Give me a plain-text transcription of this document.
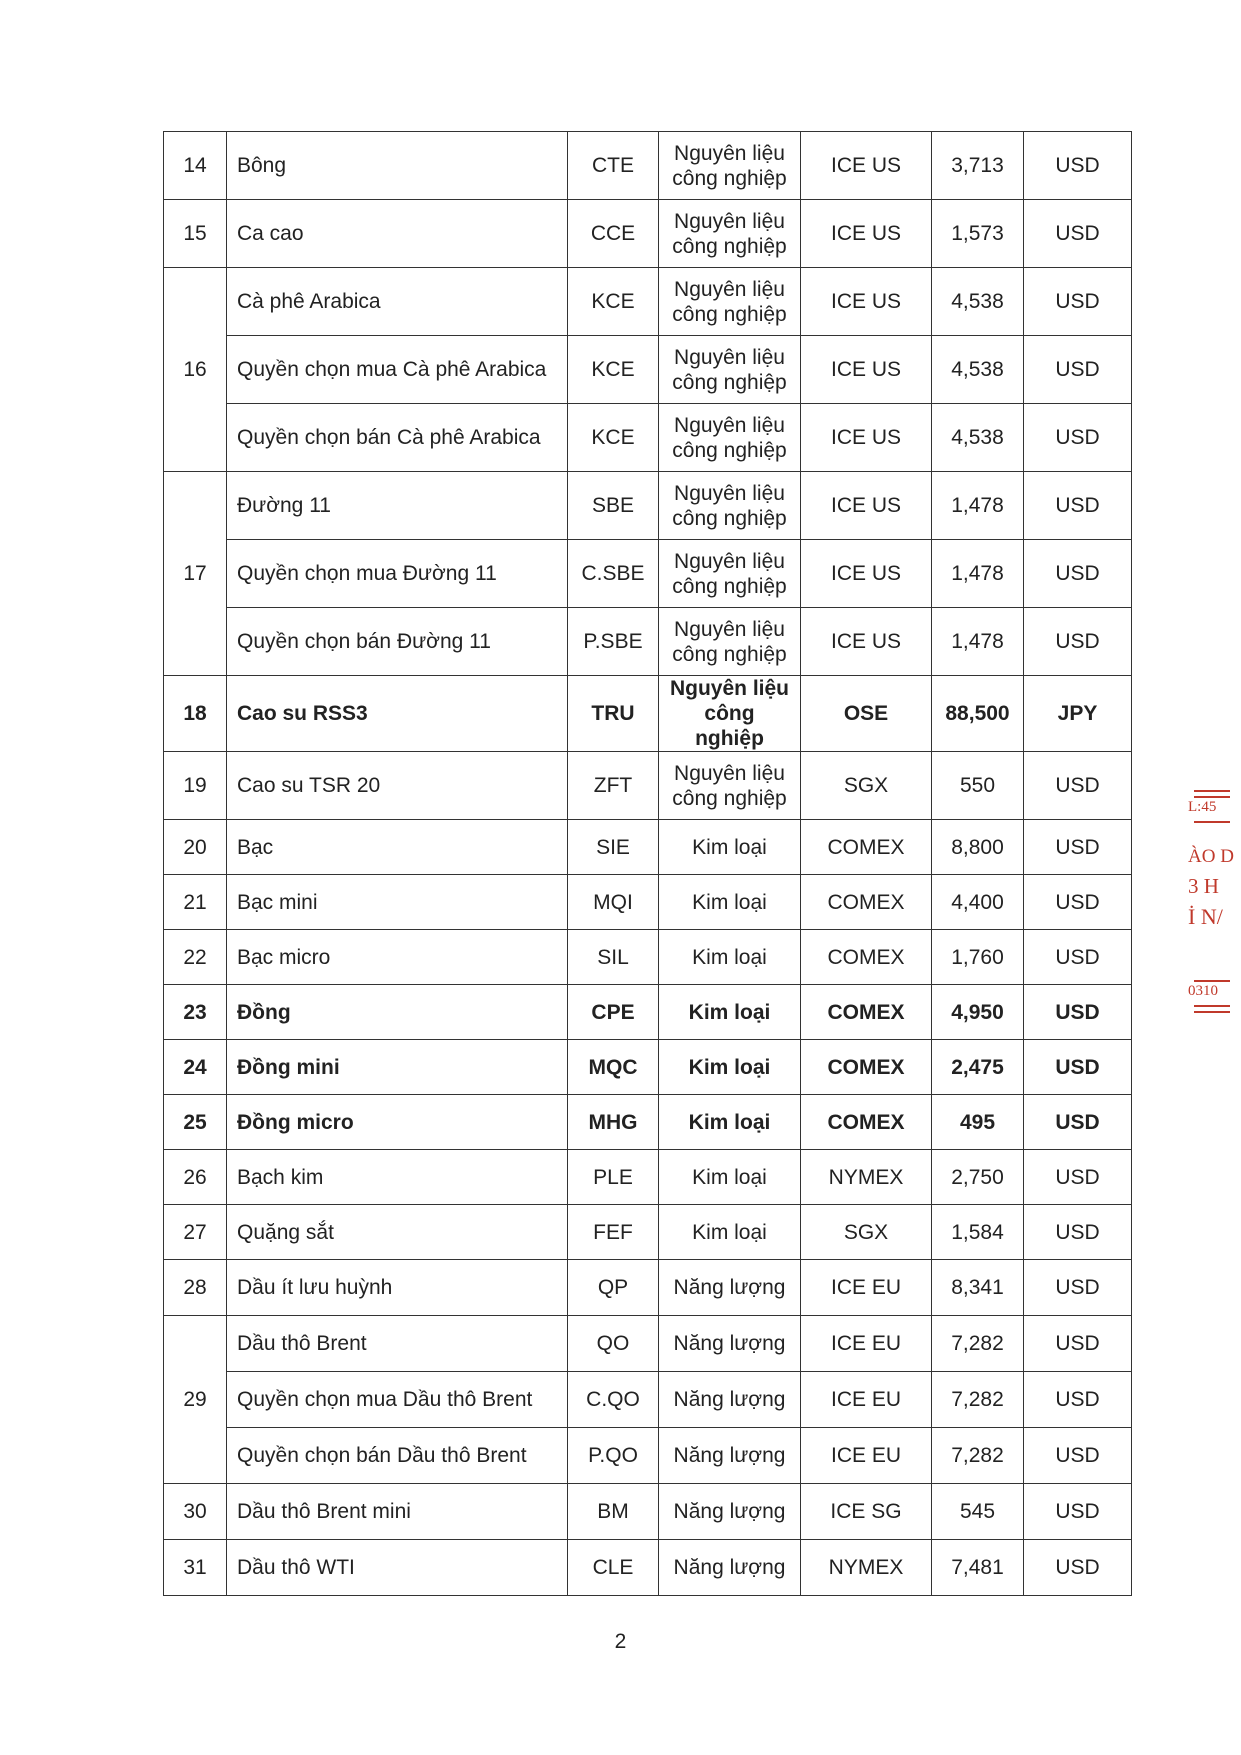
14	Bông	CTE	Nguyên liệu công nghiệp	ICE US	3,713	USD
15	Ca cao	CCE	Nguyên liệu công nghiệp	ICE US	1,573	USD
16	Cà phê Arabica	KCE	Nguyên liệu công nghiệp	ICE US	4,538	USD
	Quyền chọn mua Cà phê Arabica	KCE	Nguyên liệu công nghiệp	ICE US	4,538	USD
	Quyền chọn bán Cà phê Arabica	KCE	Nguyên liệu công nghiệp	ICE US	4,538	USD
17	Đường 11	SBE	Nguyên liệu công nghiệp	ICE US	1,478	USD
	Quyền chọn mua Đường 11	C.SBE	Nguyên liệu công nghiệp	ICE US	1,478	USD
	Quyền chọn bán Đường 11	P.SBE	Nguyên liệu công nghiệp	ICE US	1,478	USD
18	Cao su RSS3	TRU	Nguyên liệu công nghiệp	OSE	88,500	JPY
19	Cao su TSR 20	ZFT	Nguyên liệu công nghiệp	SGX	550	USD
20	Bạc	SIE	Kim loại	COMEX	8,800	USD
21	Bạc mini	MQI	Kim loại	COMEX	4,400	USD
22	Bạc micro	SIL	Kim loại	COMEX	1,760	USD
23	Đồng	CPE	Kim loại	COMEX	4,950	USD
24	Đồng mini	MQC	Kim loại	COMEX	2,475	USD
25	Đồng micro	MHG	Kim loại	COMEX	495	USD
26	Bạch kim	PLE	Kim loại	NYMEX	2,750	USD
27	Quặng sắt	FEF	Kim loại	SGX	1,584	USD
28	Dầu ít lưu huỳnh	QP	Năng lượng	ICE EU	8,341	USD
29	Dầu thô Brent	QO	Năng lượng	ICE EU	7,282	USD
	Quyền chọn mua Dầu thô Brent	C.QO	Năng lượng	ICE EU	7,282	USD
	Quyền chọn bán Dầu thô Brent	P.QO	Năng lượng	ICE EU	7,282	USD
30	Dầu thô Brent mini	BM	Năng lượng	ICE SG	545	USD
31	Dầu thô WTI	CLE	Năng lượng	NYMEX	7,481	USD
2
L:45
ÀO D
3 H
İ N/
0310
